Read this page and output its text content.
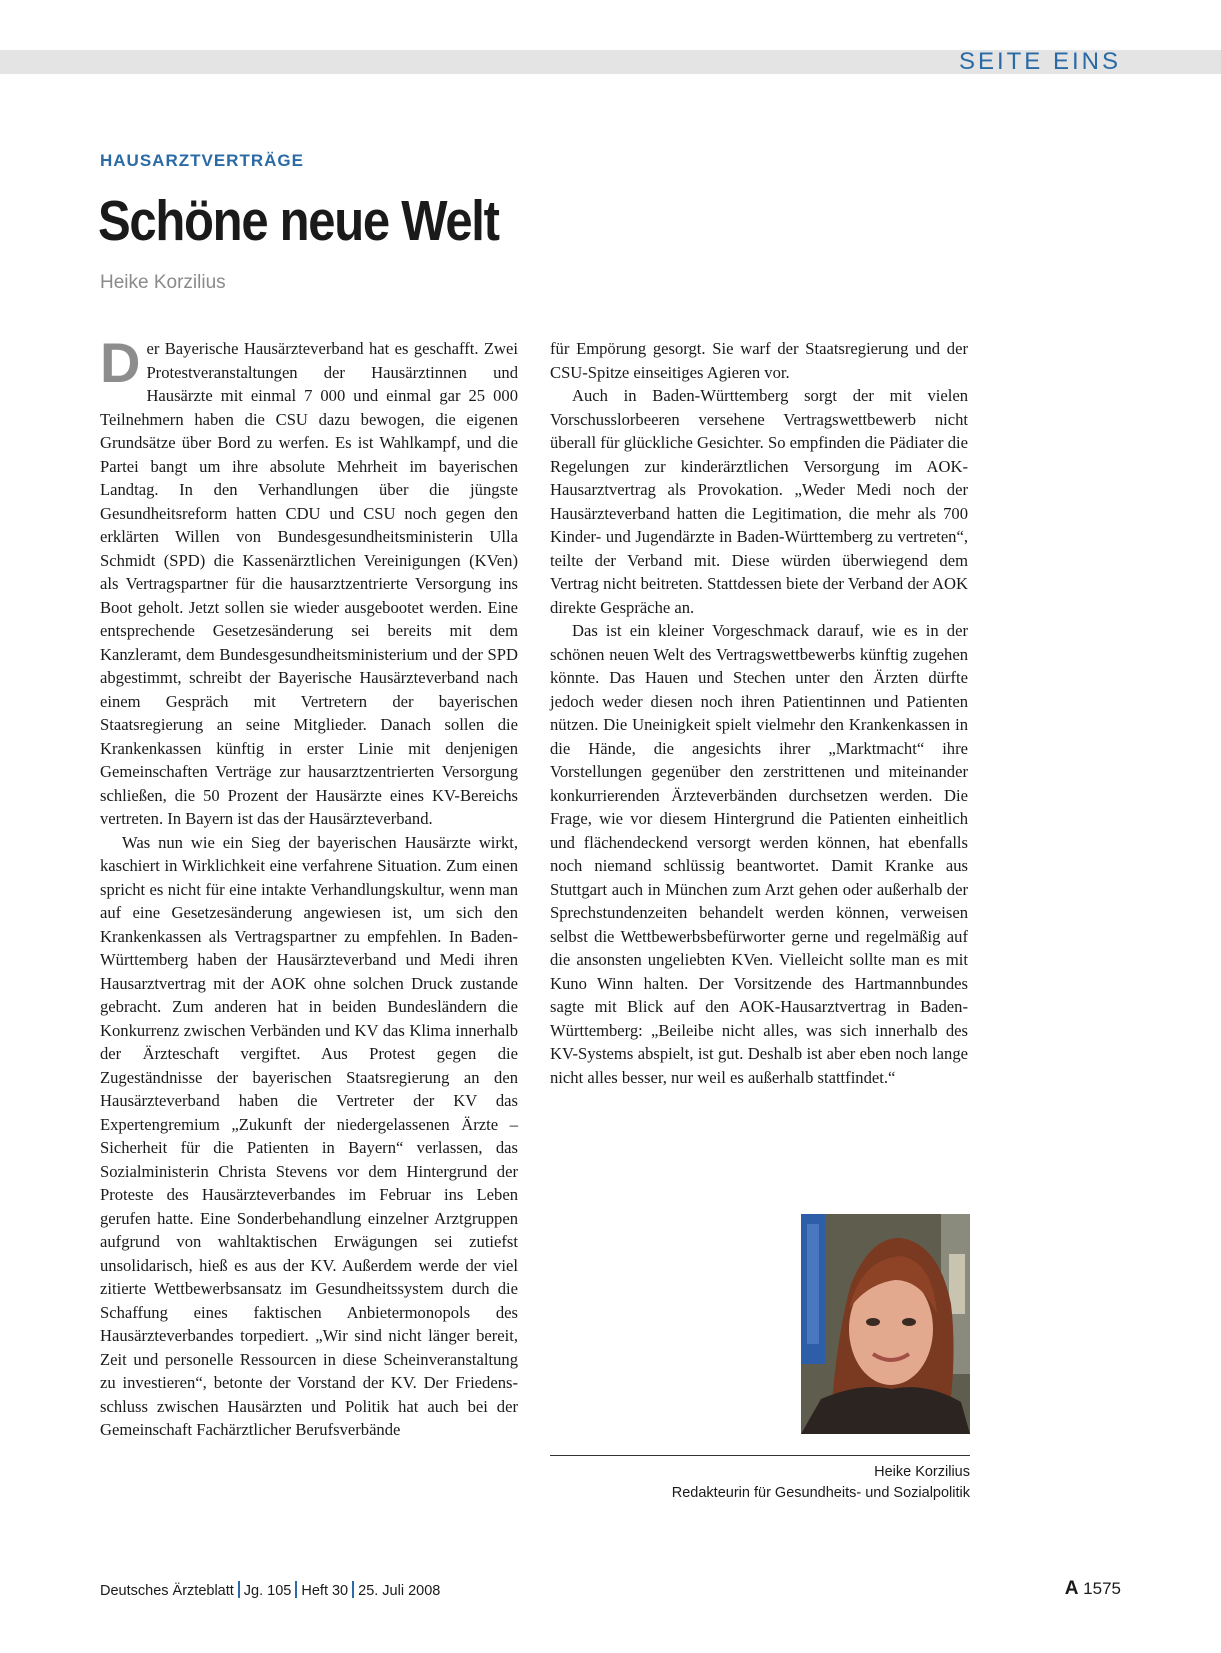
SEITE EINS
HAUSARZTVERTRÄGE
Schöne neue Welt
Heike Korzilius

Der Bayerische Hausärzteverband hat es geschafft. Zwei Protestveranstaltungen der Hausärztinnen und Hausärzte mit einmal 7 000 und einmal gar 25 000 Teilnehmern haben die CSU dazu bewogen, die eigenen Grundsätze über Bord zu werfen. Es ist Wahlkampf, und die Partei bangt um ihre absolute Mehrheit im bayerischen Landtag. In den Verhandlungen über die jüngste Gesundheitsreform hatten CDU und CSU noch gegen den erklärten Willen von Bundesgesundheitsministerin Ulla Schmidt (SPD) die Kassenärztlichen Vereinigungen (KVen) als Vertragspartner für die hausarztzentrierte Versorgung ins Boot geholt. Jetzt sollen sie wieder ausgebootet werden. Eine entsprechende Gesetzesänderung sei bereits mit dem Kanzleramt, dem Bundesgesundheitsministerium und der SPD abgestimmt, schreibt der Bayerische Hausärzteverband nach einem Gespräch mit Vertretern der bayerischen Staatsregierung an seine Mitglieder. Danach sollen die Krankenkassen künftig in erster Linie mit denjenigen Gemeinschaften Verträge zur hausarztzentrierten Versorgung schließen, die 50 Prozent der Hausärzte eines KV-Bereichs vertreten. In Bayern ist das der Hausärzteverband.

Was nun wie ein Sieg der bayerischen Hausärzte wirkt, kaschiert in Wirklichkeit eine verfahrene Situation. Zum einen spricht es nicht für eine intakte Verhandlungskultur, wenn man auf eine Gesetzesänderung angewiesen ist, um sich den Krankenkassen als Vertragspartner zu empfehlen. In Baden-Württemberg haben der Hausärzteverband und Medi ihren Hausarztvertrag mit der AOK ohne solchen Druck zustande gebracht. Zum anderen hat in beiden Bundesländern die Konkurrenz zwischen Verbänden und KV das Klima innerhalb der Ärzteschaft vergiftet. Aus Protest gegen die Zugeständnisse der bayerischen Staatsregierung an den Hausärzteverband haben die Vertreter der KV das Expertengremium „Zukunft der niedergelassenen Ärzte – Sicherheit für die Patienten in Bayern“ verlassen, das Sozialministerin Christa Stevens vor dem Hintergrund der Proteste des Hausärzteverbandes im Februar ins Leben gerufen hatte. Eine Sonderbehandlung einzelner Arztgruppen aufgrund von wahltaktischen Erwägungen sei zutiefst unsolidarisch, hieß es aus der KV. Außerdem werde der viel zitierte Wettbewerbsansatz im Gesundheitssystem durch die Schaffung eines faktischen Anbietermonopols des Hausärzteverbandes torpediert. „Wir sind nicht länger bereit, Zeit und personelle Ressourcen in diese Scheinveranstaltung zu investieren“, betonte der Vorstand der KV. Der Friedensschluss zwischen Hausärzten und Politik hat auch bei der Gemeinschaft Fachärztlicher Berufsverbände

für Empörung gesorgt. Sie warf der Staatsregierung und der CSU-Spitze einseitiges Agieren vor.

Auch in Baden-Württemberg sorgt der mit vielen Vorschusslorbeeren versehene Vertragswettbewerb nicht überall für glückliche Gesichter. So empfinden die Pädiater die Regelungen zur kinderärztlichen Versorgung im AOK-Hausarztvertrag als Provokation. „Weder Medi noch der Hausärzteverband hatten die Legitimation, die mehr als 700 Kinder- und Jugendärzte in Baden-Württemberg zu vertreten“, teilte der Verband mit. Diese würden überwiegend dem Vertrag nicht beitreten. Stattdessen biete der Verband der AOK direkte Gespräche an.

Das ist ein kleiner Vorgeschmack darauf, wie es in der schönen neuen Welt des Vertragswettbewerbs künftig zugehen könnte. Das Hauen und Stechen unter den Ärzten dürfte jedoch weder diesen noch ihren Patientinnen und Patienten nützen. Die Uneinigkeit spielt vielmehr den Krankenkassen in die Hände, die angesichts ihrer „Marktmacht“ ihre Vorstellungen gegenüber den zerstrittenen und miteinander konkurrierenden Ärzteverbänden durchsetzen werden. Die Frage, wie vor diesem Hintergrund die Patienten einheitlich und flächendeckend versorgt werden können, hat ebenfalls noch niemand schlüssig beantwortet. Damit Kranke aus Stuttgart auch in München zum Arzt gehen oder außerhalb der Sprechstundenzeiten behandelt werden können, verweisen selbst die Wettbewerbsbefürworter gerne und regelmäßig auf die ansonsten ungeliebten KVen. Vielleicht sollte man es mit Kuno Winn halten. Der Vorsitzende des Hartmannbundes sagte mit Blick auf den AOK-Hausarztvertrag in Baden-Württemberg: „Beileibe nicht alles, was sich innerhalb des KV-Systems abspielt, ist gut. Deshalb ist aber eben noch lange nicht alles besser, nur weil es außerhalb stattfindet.“

Heike Korzilius
Redakteurin für Gesundheits- und Sozialpolitik
Deutsches Ärzteblatt Jg. 105 Heft 30 25. Juli 2008	A 1575
